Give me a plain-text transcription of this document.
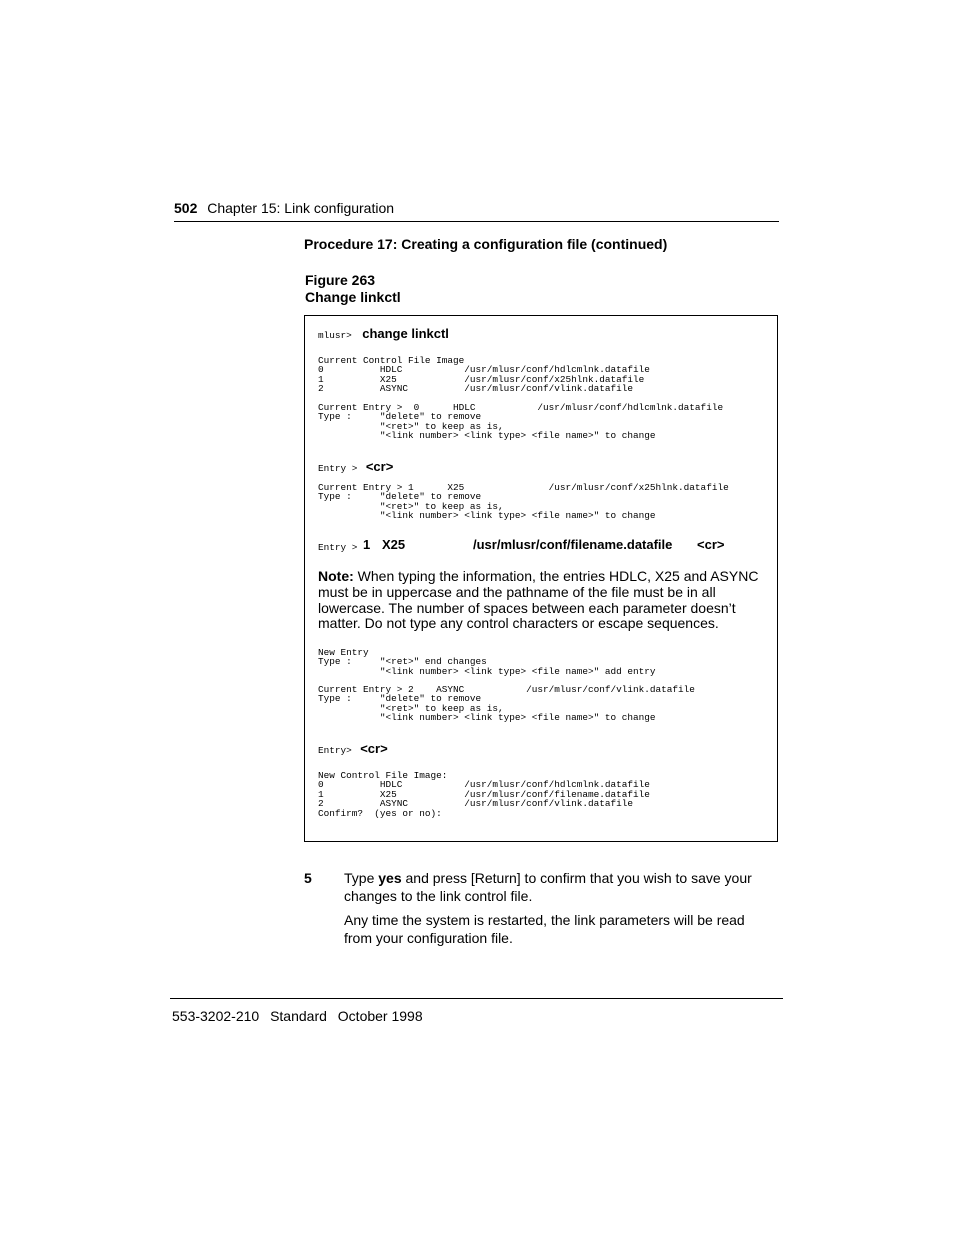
502 Chapter 15: Link configuration
Procedure 17: Creating a configuration file (continued)
Figure 263
Change linkctl
mlusr> change linkctl
Current Control File Image
0          HDLC           /usr/mlusr/conf/hdlcmlnk.datafile
1          X25            /usr/mlusr/conf/x25hlnk.datafile
2          ASYNC          /usr/mlusr/conf/vlink.datafile
Current Entry >  0      HDLC           /usr/mlusr/conf/hdlcmlnk.datafile
Type :     "delete" to remove
"<ret>" to keep as is,
"<link number> <link type> <file name>" to change
Entry > <cr>
Current Entry > 1      X25               /usr/mlusr/conf/x25hlnk.datafile
Type :     "delete" to remove
"<ret>" to keep as is,
"<link number> <link type> <file name>" to change
Entry > 1 X25	/usr/mlusr/conf/filename.datafile <cr>
Note: When typing the information, the entries HDLC, X25 and ASYNC must be in uppercase and the pathname of the file must be in all lowercase. The number of spaces between each parameter doesn’t matter. Do not type any control characters or escape sequences.
New Entry
Type :     "<ret>" end changes
"<link number> <link type> <file name>" add entry
Current Entry > 2    ASYNC           /usr/mlusr/conf/vlink.datafile
Type :     "delete" to remove
"<ret>" to keep as is,
"<link number> <link type> <file name>" to change
Entry> <cr>
New Control File Image:
0          HDLC           /usr/mlusr/conf/hdlcmlnk.datafile
1          X25            /usr/mlusr/conf/filename.datafile
2          ASYNC          /usr/mlusr/conf/vlink.datafile
Confirm?  (yes or no):
5 Type yes and press [Return] to confirm that you wish to save your changes to the link control file.
Any time the system is restarted, the link parameters will be read from your configuration file.
553-3202-210 Standard October 1998
